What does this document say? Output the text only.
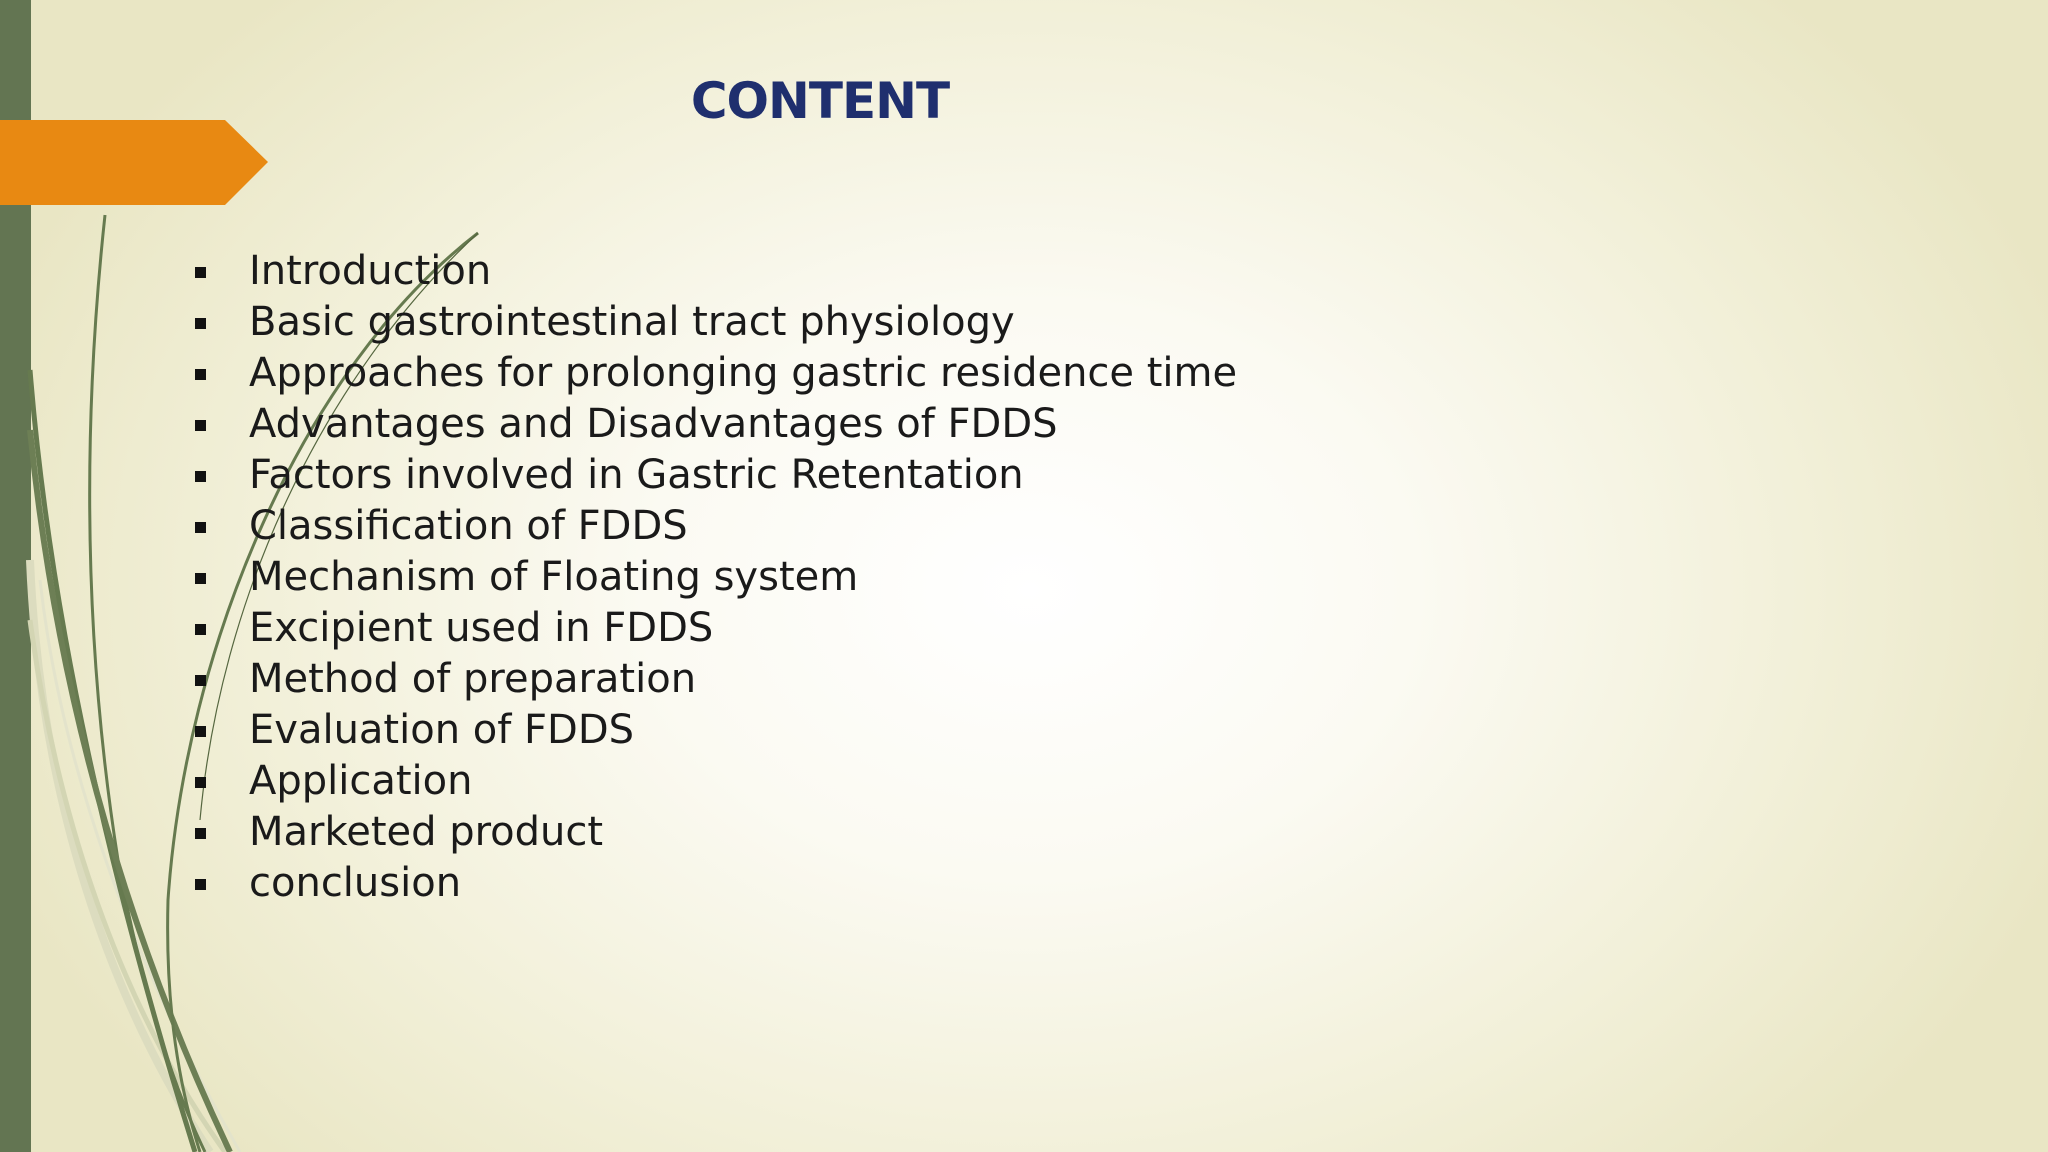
CONTENT
Introduction
Basic gastrointestinal tract physiology
Approaches for prolonging gastric residence time
Advantages and Disadvantages of FDDS
Factors involved in Gastric Retentation
Classification of FDDS
Mechanism of Floating system
Excipient used in FDDS
Method of preparation
Evaluation of FDDS
Application
Marketed product
conclusion
